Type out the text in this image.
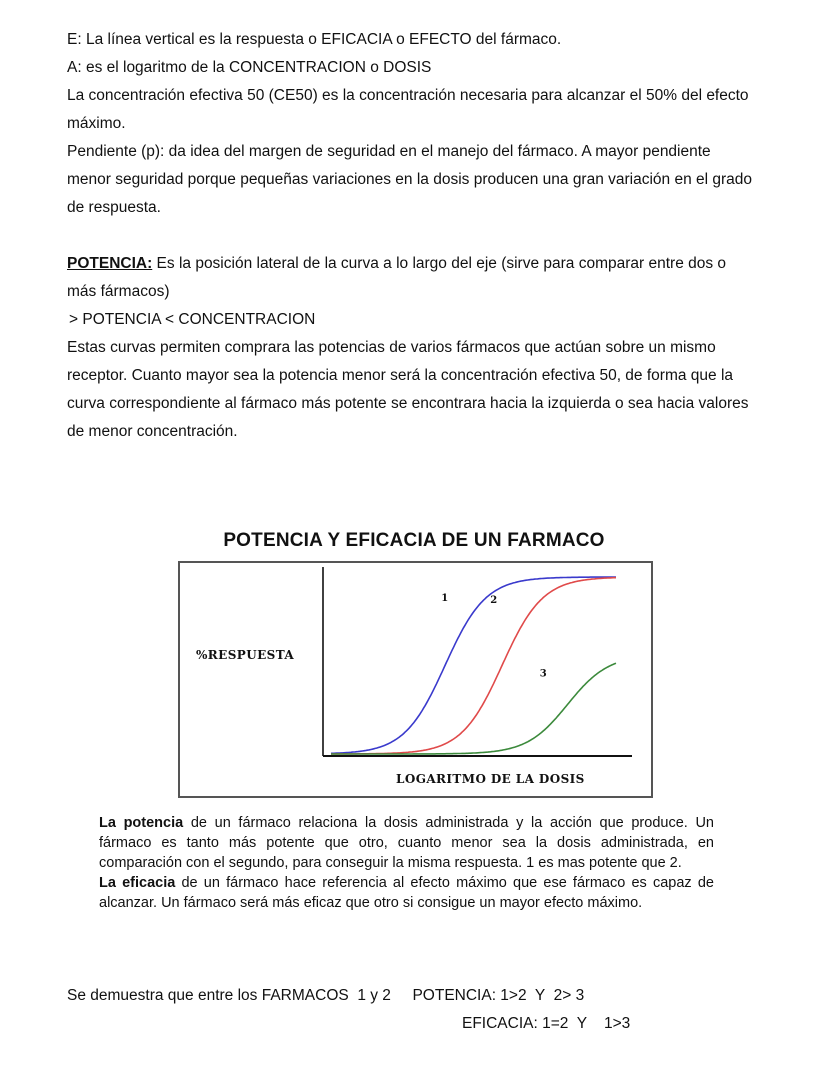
E: La línea vertical es la respuesta o EFICACIA o EFECTO del fármaco.

A: es el logaritmo de la CONCENTRACION o DOSIS

La concentración efectiva 50 (CE50) es la concentración necesaria para alcanzar el 50% del efecto máximo.

Pendiente (p): da idea del margen de seguridad en el manejo del fármaco. A mayor pendiente menor seguridad porque pequeñas variaciones en la dosis producen una gran variación en el grado de respuesta.

POTENCIA: Es la posición lateral de la curva a lo largo del eje (sirve para comparar entre dos o más fármacos)

> POTENCIA < CONCENTRACION

Estas curvas permiten comprara las potencias de varios fármacos que actúan sobre un mismo receptor. Cuanto mayor sea la potencia menor será la concentración efectiva 50, de forma que la curva correspondiente al fármaco más potente se encontrara hacia la izquierda o sea hacia valores de menor concentración.

POTENCIA Y EFICACIA DE UN FARMACO
%RESPUESTA
LOGARITMO DE LA DOSIS
1	2
3

La potencia de un fármaco relaciona la dosis administrada y la acción que produce. Un fármaco es tanto más potente que otro, cuanto menor sea la dosis administrada, en comparación con el segundo, para conseguir la misma respuesta. 1 es mas potente que 2.

La eficacia de un fármaco hace referencia al efecto máximo que ese fármaco es capaz de alcanzar. Un fármaco será más eficaz que otro si consigue un mayor efecto máximo.

Se demuestra que entre los FARMACOS  1 y 2     POTENCIA: 1>2  Y  2> 3
EFICACIA: 1=2  Y    1>3
